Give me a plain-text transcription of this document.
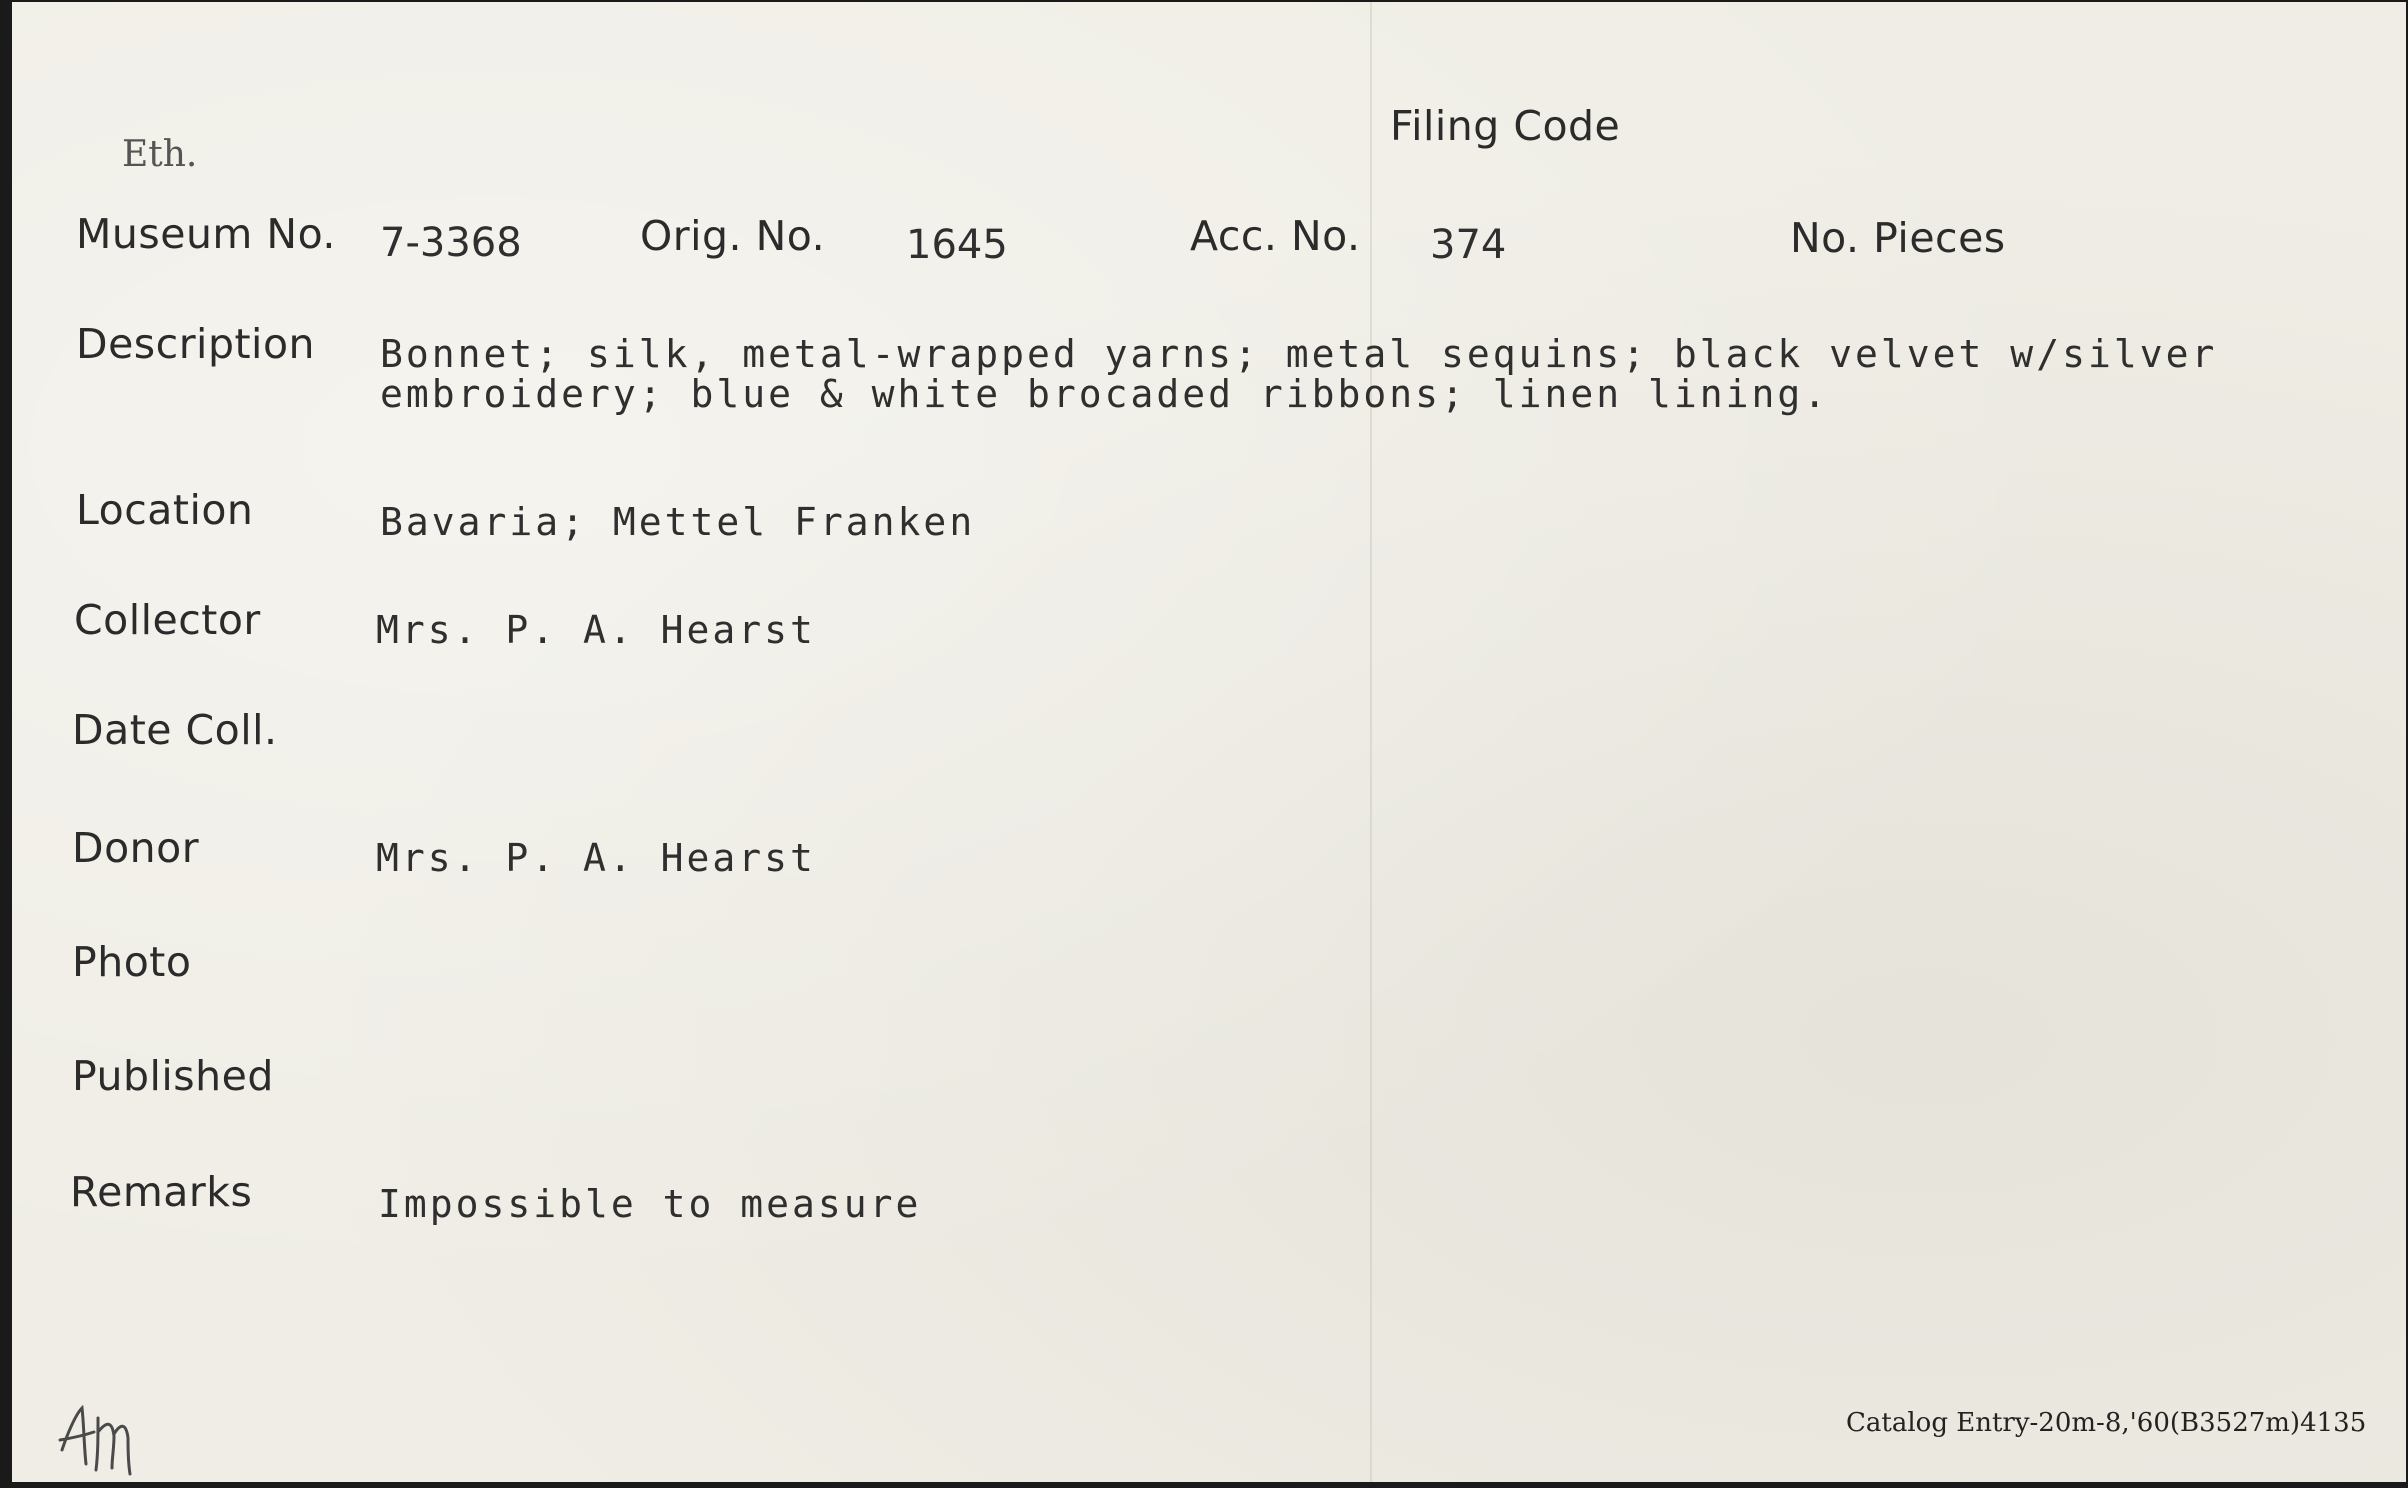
Eth.
Filing Code
Museum No. 7-3368	Orig. No. 1645	Acc. No. 374	No. Pieces
Description Bonnet; silk, metal-wrapped yarns; metal sequins; black velvet w/silver
embroidery; blue & white brocaded ribbons; linen lining.
Location	Bavaria; Mettel Franken
Collector	Mrs. P. A. Hearst
Date Coll.
Donor	Mrs. P. A. Hearst
Photo
Published
Remarks	Impossible to measure
Catalog Entry-20m-8,'60(B3527m)4135
